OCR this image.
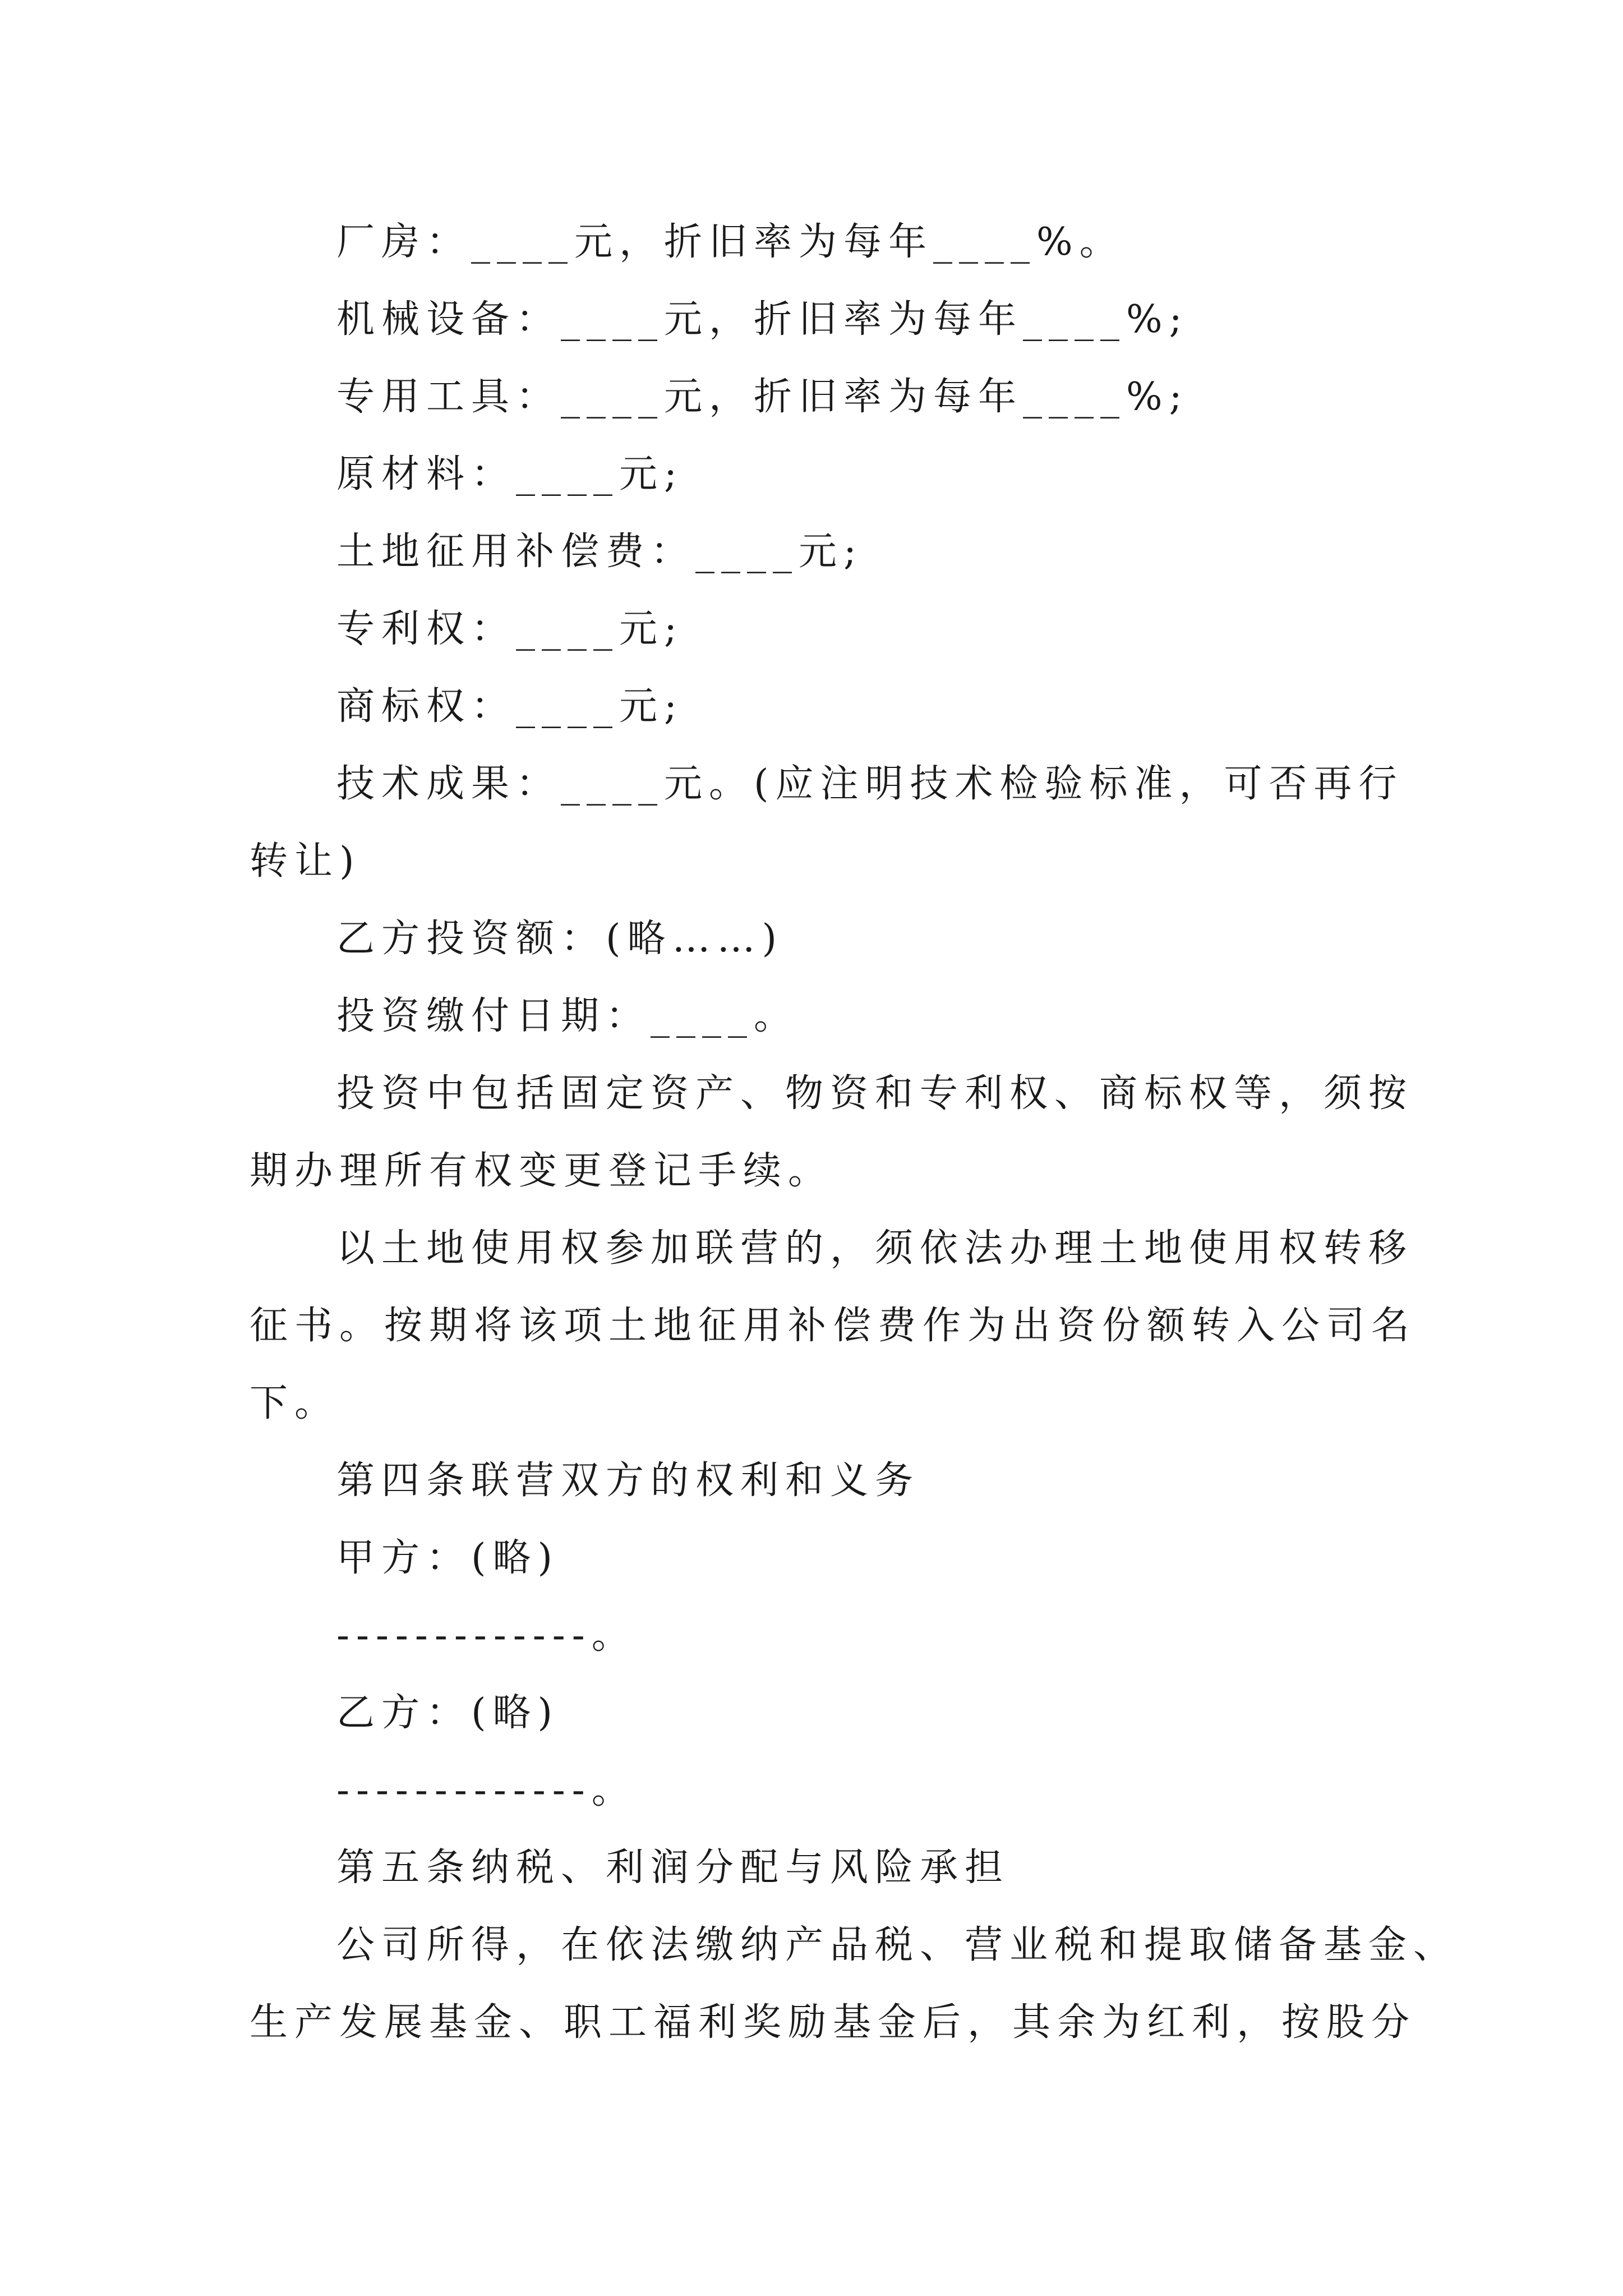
厂房：____元，折旧率为每年____%。
机械设备：____元，折旧率为每年____%;
专用工具：____元，折旧率为每年____%;
原材料：____元;
土地征用补偿费：____元;
专利权：____元;
商标权：____元;
技术成果：____元。(应注明技术检验标准，可否再行
转让)
乙方投资额：(略……)
投资缴付日期：____。
投资中包括固定资产、物资和专利权、商标权等，须按
期办理所有权变更登记手续。
以土地使用权参加联营的，须依法办理土地使用权转移
征书。按期将该项土地征用补偿费作为出资份额转入公司名
下。
第四条联营双方的权利和义务
甲方：(略)
-------------。
乙方：(略)
-------------。
第五条纳税、利润分配与风险承担
公司所得，在依法缴纳产品税、营业税和提取储备基金、
生产发展基金、职工福利奖励基金后，其余为红利，按股分
